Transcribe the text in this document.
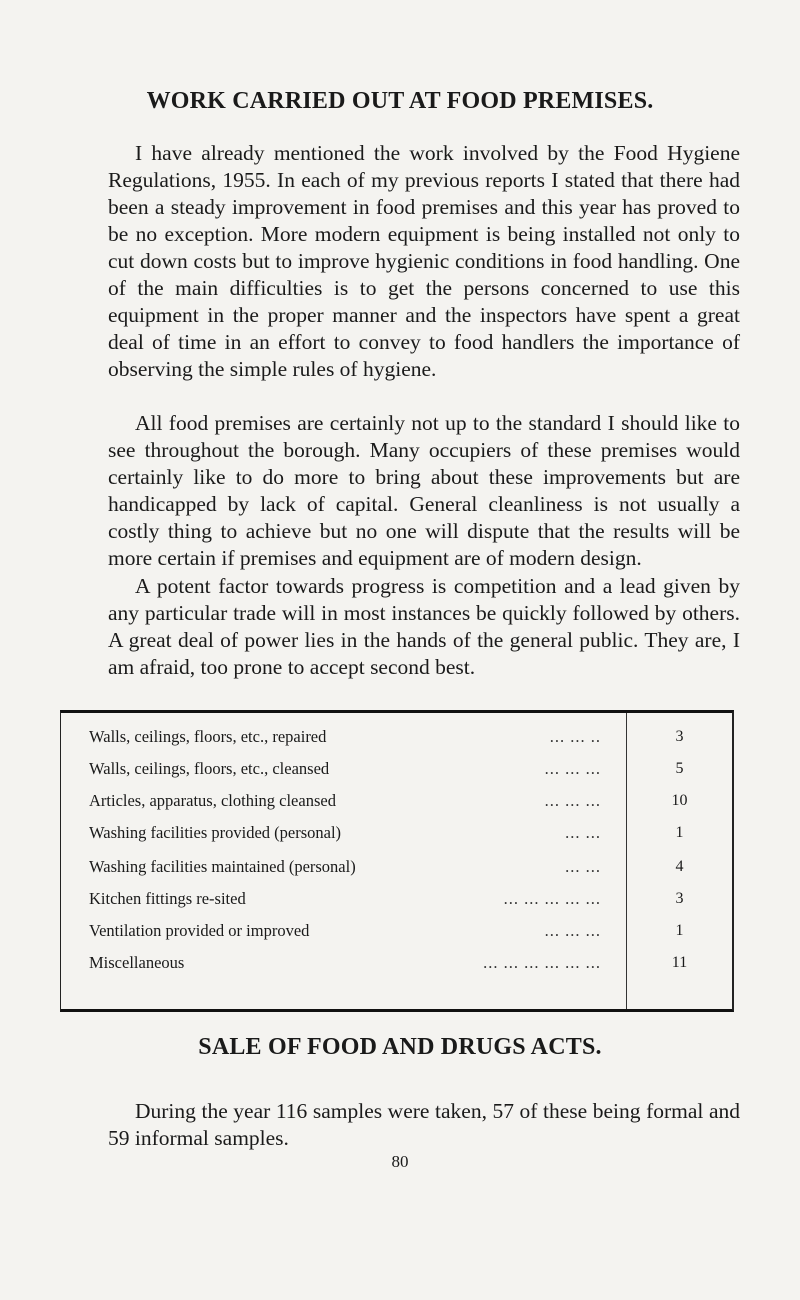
WORK CARRIED OUT AT FOOD PREMISES.

I have already mentioned the work involved by the Food Hygiene Regulations, 1955. In each of my previous reports I stated that there had been a steady improvement in food premises and this year has proved to be no exception. More modern equipment is being installed not only to cut down costs but to improve hygienic conditions in food handling. One of the main difficulties is to get the persons concerned to use this equipment in the proper manner and the inspectors have spent a great deal of time in an effort to convey to food handlers the importance of observing the simple rules of hygiene.

All food premises are certainly not up to the standard I should like to see throughout the borough. Many occupiers of these premises would certainly like to do more to bring about these improvements but are handicapped by lack of capital. General cleanliness is not usually a costly thing to achieve but no one will dispute that the results will be more certain if premises and equipment are of modern design.

A potent factor towards progress is competition and a lead given by any particular trade will in most instances be quickly followed by others. A great deal of power lies in the hands of the general public. They are, I am afraid, too prone to accept second best.

Walls, ceilings, floors, etc., repaired	... ... ..	3
Walls, ceilings, floors, etc., cleansed	... ... ...	5
Articles, apparatus, clothing cleansed	... ... ...	10
Washing facilities provided (personal)	... ...	1
Washing facilities maintained (personal)	... ...	4
Kitchen fittings re-sited	... ... ... ... ...	3
Ventilation provided or improved	... ... ...	1
Miscellaneous	... ... ... ... ... ...	11
SALE OF FOOD AND DRUGS ACTS.

During the year 116 samples were taken, 57 of these being formal and 59 informal samples.

80
